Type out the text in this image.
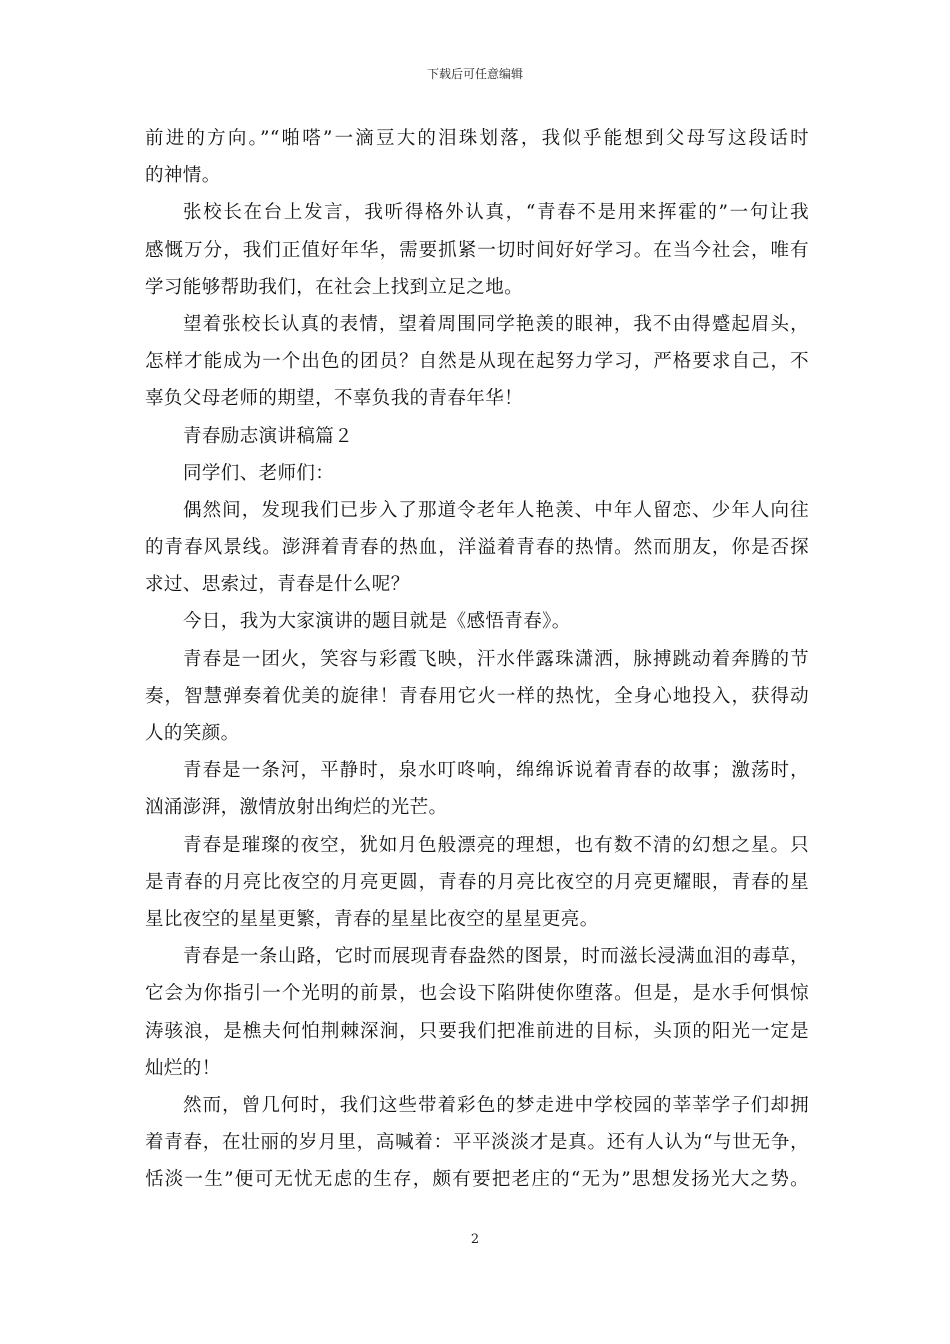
下载后可任意编辑
前进的方向。”“啪嗒”一滴豆大的泪珠划落，我似乎能想到父母写这段话时
的神情。
张校长在台上发言，我听得格外认真，“青春不是用来挥霍的”一句让我
感慨万分，我们正值好年华，需要抓紧一切时间好好学习。在当今社会，唯有
学习能够帮助我们，在社会上找到立足之地。
望着张校长认真的表情，望着周围同学艳羡的眼神，我不由得蹙起眉头，
怎样才能成为一个出色的团员？自然是从现在起努力学习，严格要求自己，不
辜负父母老师的期望，不辜负我的青春年华！
青春励志演讲稿篇２
同学们、老师们：
偶然间，发现我们已步入了那道令老年人艳羡、中年人留恋、少年人向往
的青春风景线。澎湃着青春的热血，洋溢着青春的热情。然而朋友，你是否探
求过、思索过，青春是什么呢？
今日，我为大家演讲的题目就是《感悟青春》。
青春是一团火，笑容与彩霞飞映，汗水伴露珠潇洒，脉搏跳动着奔腾的节
奏，智慧弹奏着优美的旋律！青春用它火一样的热忱，全身心地投入，获得动
人的笑颜。
青春是一条河，平静时，泉水叮咚响，绵绵诉说着青春的故事；激荡时，
汹涌澎湃，激情放射出绚烂的光芒。
青春是璀璨的夜空，犹如月色般漂亮的理想，也有数不清的幻想之星。只
是青春的月亮比夜空的月亮更圆，青春的月亮比夜空的月亮更耀眼，青春的星
星比夜空的星星更繁，青春的星星比夜空的星星更亮。
青春是一条山路，它时而展现青春盎然的图景，时而滋长浸满血泪的毒草，
它会为你指引一个光明的前景，也会设下陷阱使你堕落。但是，是水手何惧惊
涛骇浪，是樵夫何怕荆棘深涧，只要我们把准前进的目标，头顶的阳光一定是
灿烂的！
然而，曾几何时，我们这些带着彩色的梦走进中学校园的莘莘学子们却拥
着青春，在壮丽的岁月里，高喊着：平平淡淡才是真。还有人认为“与世无争，
恬淡一生”便可无忧无虑的生存，颇有要把老庄的“无为”思想发扬光大之势。
2
